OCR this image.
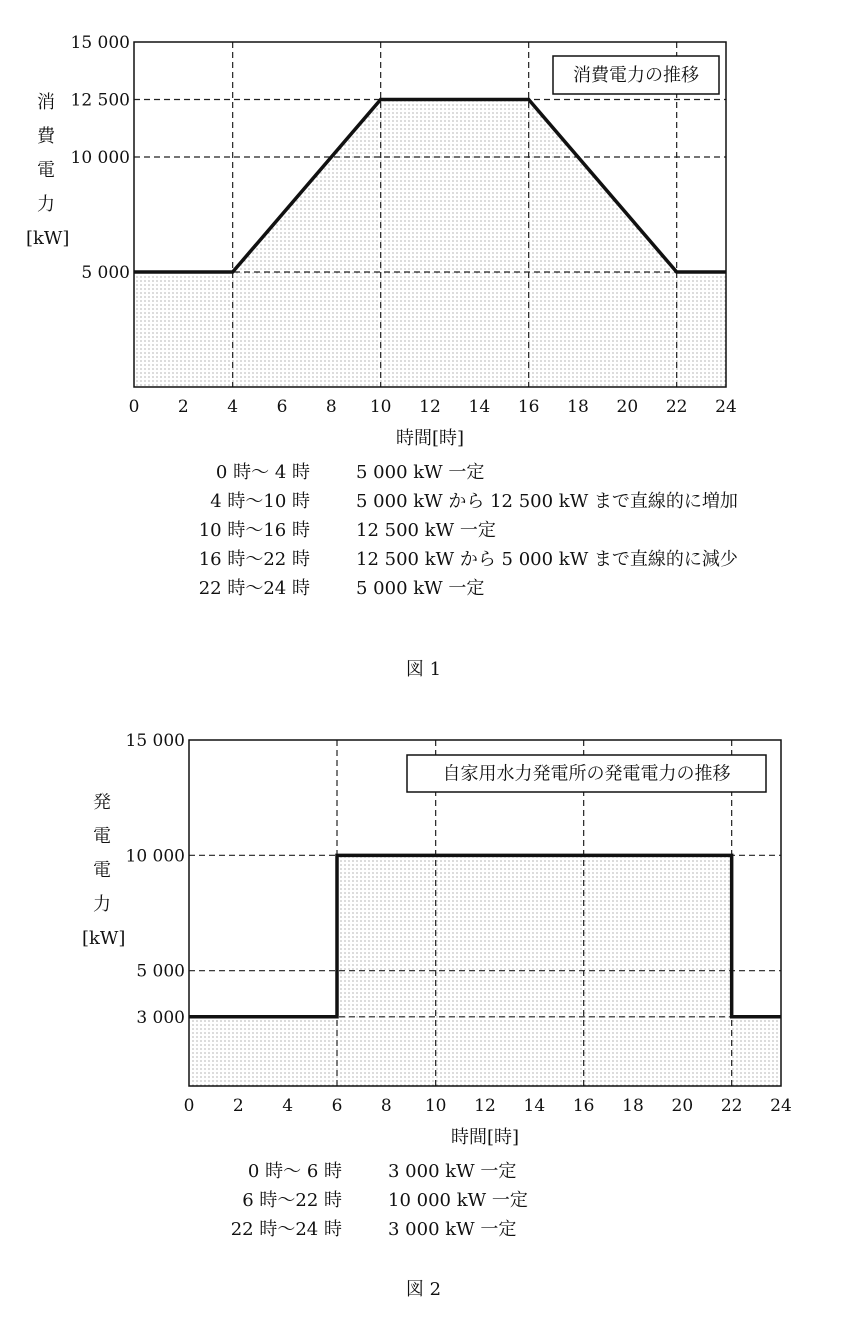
0 2 4 6 8 10 12 14 16 18 20 22 24
5 000
10 000
12 500
15 000
時間[時]
消費電力の推移
消
費
電
力
[kW]
0 時～ 4 時	5 000 kW 一定
4 時～10 時	5 000 kW から 12 500 kW まで直線的に増加
10 時～16 時	12 500 kW 一定
16 時～22 時	12 500 kW から 5 000 kW まで直線的に減少
22 時～24 時	5 000 kW 一定
図 1
0 2 4 6 8 10 12 14 16 18 20 22 24
3 000
5 000
10 000
15 000
時間[時]
自家用水力発電所の発電電力の推移
発
電
電
力
[kW]
0 時～ 6 時	3 000 kW 一定
6 時～22 時	10 000 kW 一定
22 時～24 時	3 000 kW 一定
図 2
